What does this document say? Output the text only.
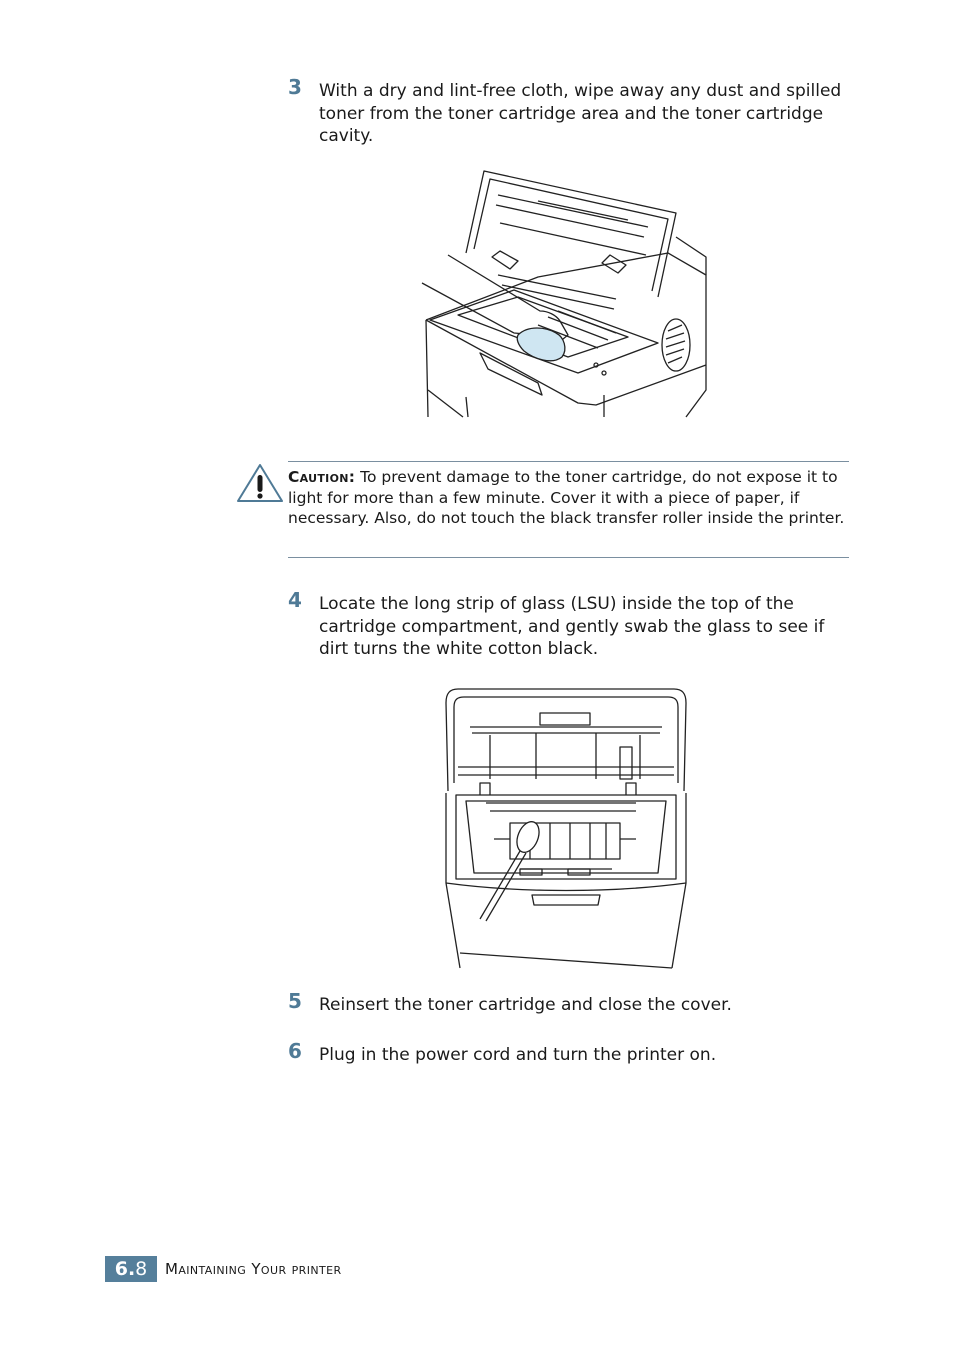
3 With a dry and lint-free cloth, wipe away any dust and spilled toner from the toner cartridge area and the toner cartridge cavity.
Caution: To prevent damage to the toner cartridge, do not expose it to light for more than a few minute. Cover it with a piece of paper, if necessary. Also, do not touch the black transfer roller inside the printer.
4 Locate the long strip of glass (LSU) inside the top of the cartridge compartment, and gently swab the glass to see if dirt turns the white cotton black.
5 Reinsert the toner cartridge and close the cover.
6 Plug in the power cord and turn the printer on.
6.8	Maintaining Your printer
